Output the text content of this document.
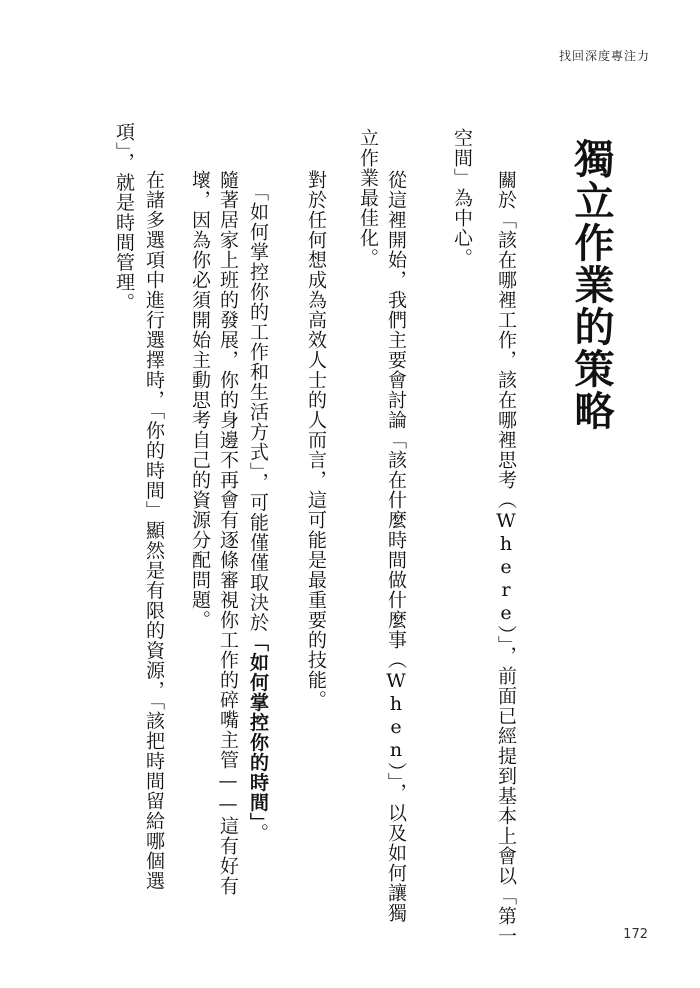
找回深度專注力
獨立作業的策略
關於「該在哪裡工作，該在哪裡思考（Where）」，前面已經提到基本上會以「第一
空間」為中心。
從這裡開始，我們主要會討論「該在什麼時間做什麼事（When）」，以及如何讓獨
立作業最佳化。
對於任何想成為高效人士的人而言，這可能是最重要的技能。
「如何掌控你的工作和生活方式」，可能僅僅取決於「如何掌控你的時間」。
隨著居家上班的發展，你的身邊不再會有逐條審視你工作的碎嘴主管——這有好有
壞，因為你必須開始主動思考自己的資源分配問題。
在諸多選項中進行選擇時，「你的時間」顯然是有限的資源，「該把時間留給哪個選
項」，就是時間管理。
172
